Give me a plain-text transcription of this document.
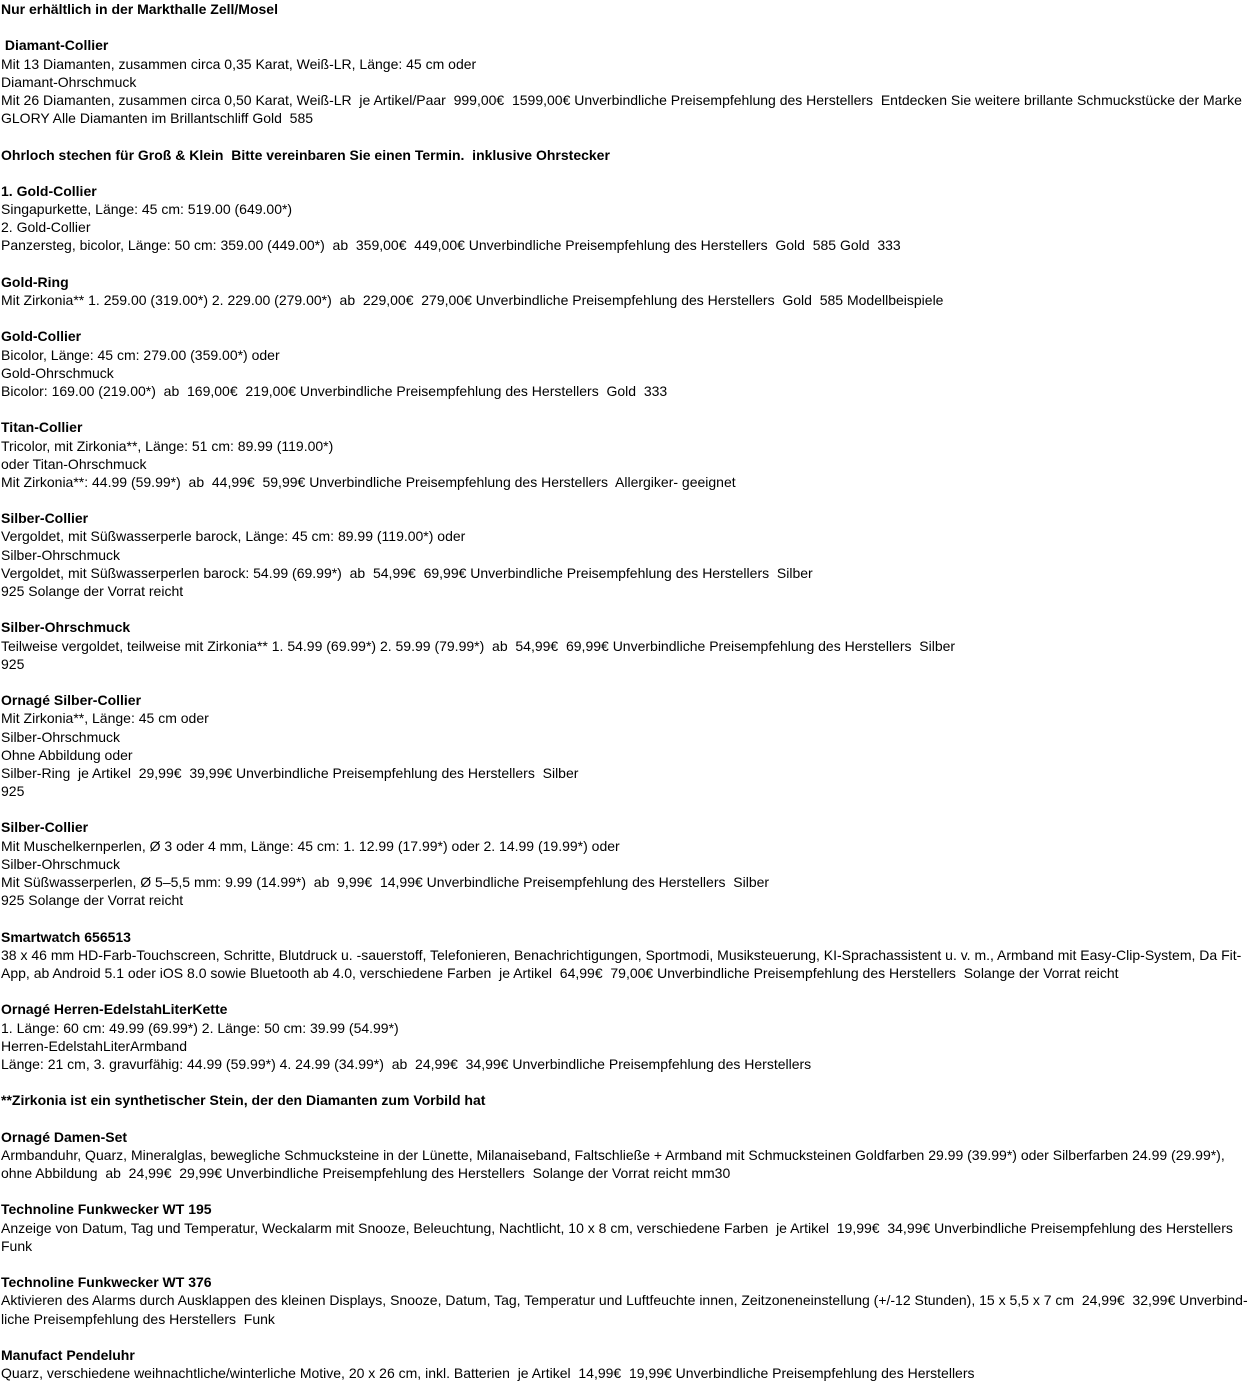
Nur erhältlich in der Markthalle Zell/Mosel
Diamant-Collier
Mit 13 Diamanten, zusammen circa 0,35 Karat, Weiß-LR, Länge: 45 cm oder
Diamant-Ohrschmuck
Mit 26 Diamanten, zusammen circa 0,50 Karat, Weiß-LR  je Artikel/Paar  999,00€  1599,00€ Unverbindliche Preisempfehlung des Herstellers  Entdecken Sie weitere brillante Schmuckstücke der Marke
GLORY Alle Diamanten im Brillantschliff Gold  585
Ohrloch stechen für Groß & Klein  Bitte vereinbaren Sie einen Termin.  inklusive Ohrstecker
1. Gold-Collier
Singapurkette, Länge: 45 cm: 519.00 (649.00*)
2. Gold-Collier
Panzersteg, bicolor, Länge: 50 cm: 359.00 (449.00*)  ab  359,00€  449,00€ Unverbindliche Preisempfehlung des Herstellers  Gold  585 Gold  333
Gold-Ring
Mit Zirkonia** 1. 259.00 (319.00*) 2. 229.00 (279.00*)  ab  229,00€  279,00€ Unverbindliche Preisempfehlung des Herstellers  Gold  585 Modellbeispiele
Gold-Collier
Bicolor, Länge: 45 cm: 279.00 (359.00*) oder
Gold-Ohrschmuck
Bicolor: 169.00 (219.00*)  ab  169,00€  219,00€ Unverbindliche Preisempfehlung des Herstellers  Gold  333
Titan-Collier
Tricolor, mit Zirkonia**, Länge: 51 cm: 89.99 (119.00*)
oder Titan-Ohrschmuck
Mit Zirkonia**: 44.99 (59.99*)  ab  44,99€  59,99€ Unverbindliche Preisempfehlung des Herstellers  Allergiker- geeignet
Silber-Collier
Vergoldet, mit Süßwasserperle barock, Länge: 45 cm: 89.99 (119.00*) oder
Silber-Ohrschmuck
Vergoldet, mit Süßwasserperlen barock: 54.99 (69.99*)  ab  54,99€  69,99€ Unverbindliche Preisempfehlung des Herstellers  Silber
925 Solange der Vorrat reicht
Silber-Ohrschmuck
Teilweise vergoldet, teilweise mit Zirkonia** 1. 54.99 (69.99*) 2. 59.99 (79.99*)  ab  54,99€  69,99€ Unverbindliche Preisempfehlung des Herstellers  Silber
925
Ornagé Silber-Collier
Mit Zirkonia**, Länge: 45 cm oder
Silber-Ohrschmuck
Ohne Abbildung oder
Silber-Ring  je Artikel  29,99€  39,99€ Unverbindliche Preisempfehlung des Herstellers  Silber
925
Silber-Collier
Mit Muschelkernperlen, Ø 3 oder 4 mm, Länge: 45 cm: 1. 12.99 (17.99*) oder 2. 14.99 (19.99*) oder
Silber-Ohrschmuck
Mit Süßwasserperlen, Ø 5–5,5 mm: 9.99 (14.99*)  ab  9,99€  14,99€ Unverbindliche Preisempfehlung des Herstellers  Silber
925 Solange der Vorrat reicht
Smartwatch 656513
38 x 46 mm HD-Farb-Touchscreen, Schritte, Blutdruck u. -sauerstoff, Telefonieren, Benachrichtigungen, Sportmodi, Musiksteuerung, KI-Sprachassistent u. v. m., Armband mit Easy-Clip-System, Da Fit-
App, ab Android 5.1 oder iOS 8.0 sowie Bluetooth ab 4.0, verschiedene Farben  je Artikel  64,99€  79,00€ Unverbindliche Preisempfehlung des Herstellers  Solange der Vorrat reicht
Ornagé Herren-EdelstahLiterKette
1. Länge: 60 cm: 49.99 (69.99*) 2. Länge: 50 cm: 39.99 (54.99*)
Herren-EdelstahLiterArmband
Länge: 21 cm, 3. gravurfähig: 44.99 (59.99*) 4. 24.99 (34.99*)  ab  24,99€  34,99€ Unverbindliche Preisempfehlung des Herstellers
**Zirkonia ist ein synthetischer Stein, der den Diamanten zum Vorbild hat
Ornagé Damen-Set
Armbanduhr, Quarz, Mineralglas, bewegliche Schmucksteine in der Lünette, Milanaiseband, Faltschließe + Armband mit Schmucksteinen Goldfarben 29.99 (39.99*) oder Silberfarben 24.99 (29.99*),
ohne Abbildung  ab  24,99€  29,99€ Unverbindliche Preisempfehlung des Herstellers  Solange der Vorrat reicht mm30
Technoline Funkwecker WT 195
Anzeige von Datum, Tag und Temperatur, Weckalarm mit Snooze, Beleuchtung, Nachtlicht, 10 x 8 cm, verschiedene Farben  je Artikel  19,99€  34,99€ Unverbindliche Preisempfehlung des Herstellers
Funk
Technoline Funkwecker WT 376
Aktivieren des Alarms durch Ausklappen des kleinen Displays, Snooze, Datum, Tag, Temperatur und Luftfeuchte innen, Zeitzoneneinstellung (+/-12 Stunden), 15 x 5,5 x 7 cm  24,99€  32,99€ Unverbind-
liche Preisempfehlung des Herstellers  Funk
Manufact Pendeluhr
Quarz, verschiedene weihnachtliche/winterliche Motive, 20 x 26 cm, inkl. Batterien  je Artikel  14,99€  19,99€ Unverbindliche Preisempfehlung des Herstellers
